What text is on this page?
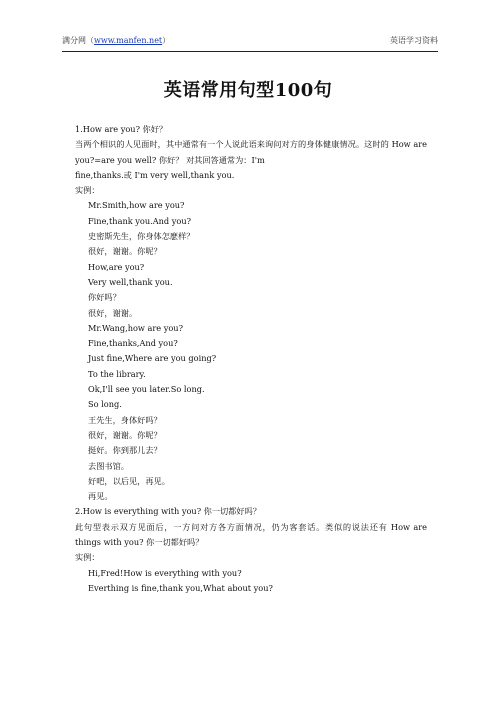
满分网（www.manfen.net）	英语学习资料
英语常用句型100句
1.How are you? 你好？
当两个相识的人见面时，其中通常有一个人说此语来询问对方的身体健康情况。这时的 How are you?=are you well? 你好？ 对其回答通常为：I'm
fine,thanks.或 I'm very well,thank you.
实例：
Mr.Smith,how are you?
Fine,thank you.And you?
史密斯先生，你身体怎麽样？
很好，谢谢。你呢？
How,are you?
Very well,thank you.
你好吗？
很好，谢谢。
Mr.Wang,how are you?
Fine,thanks,And you?
Just fine,Where are you going?
To the library.
Ok,I'll see you later.So long.
So long.
王先生，身体好吗？
很好，谢谢。你呢？
挺好。你到那儿去？
去图书馆。
好吧，以后见，再见。
再见。
2.How is everything with you? 你一切都好吗？
此句型表示双方见面后，一方问对方各方面情况，仍为客套话。类似的说法还有 How are things with you? 你一切都好吗？
实例：
Hi,Fred!How is everything with you?
Everthing is fine,thank you,What about you?
